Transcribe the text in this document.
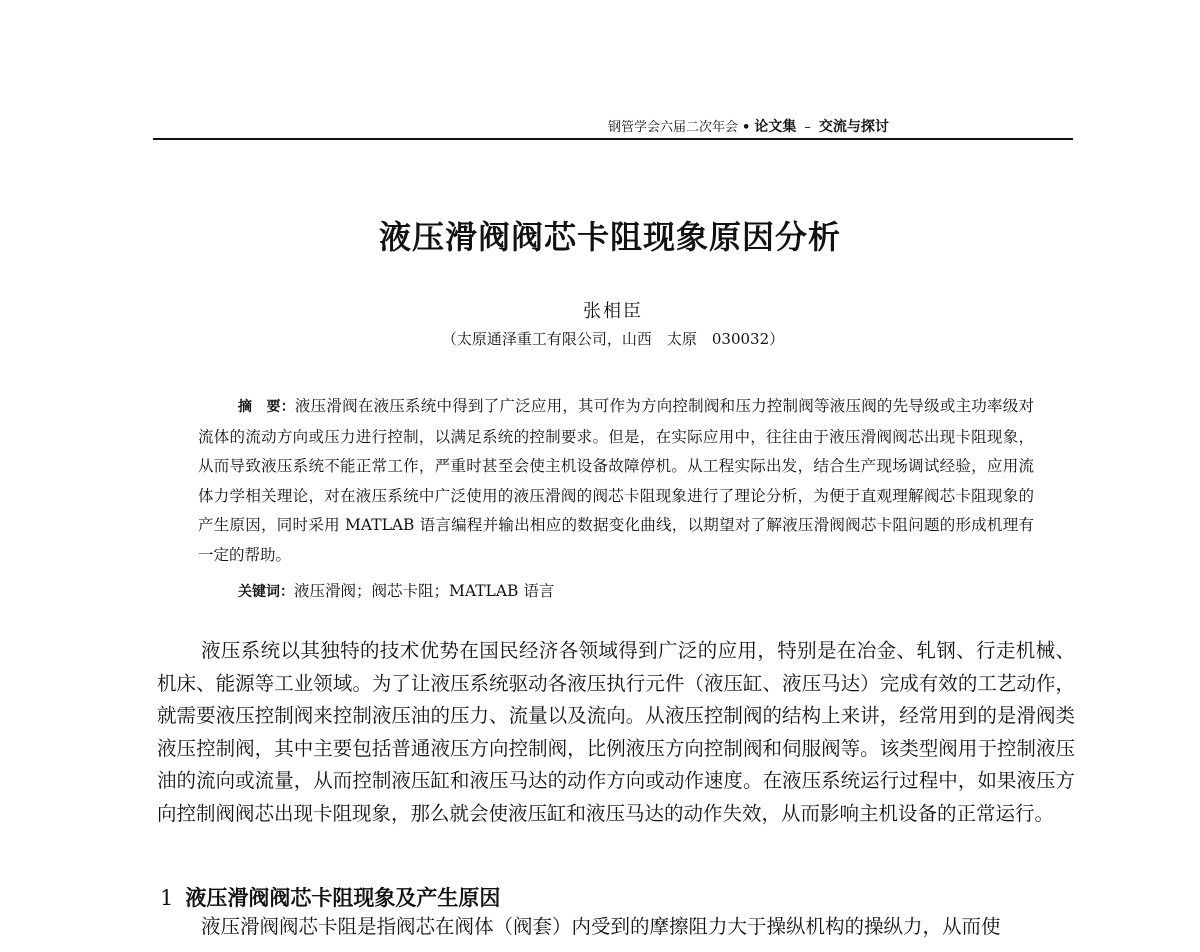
钢管学会六届二次年会 • 论文集 – 交流与探讨
液压滑阀阀芯卡阻现象原因分析
张相臣
（太原通泽重工有限公司，山西　太原　030032）
摘　要：液压滑阀在液压系统中得到了广泛应用，其可作为方向控制阀和压力控制阀等液压阀的先导级或主功率级对流体的流动方向或压力进行控制，以满足系统的控制要求。但是，在实际应用中，往往由于液压滑阀阀芯出现卡阻现象，从而导致液压系统不能正常工作，严重时甚至会使主机设备故障停机。从工程实际出发，结合生产现场调试经验，应用流体力学相关理论，对在液压系统中广泛使用的液压滑阀的阀芯卡阻现象进行了理论分析，为便于直观理解阀芯卡阻现象的产生原因，同时采用 MATLAB 语言编程并输出相应的数据变化曲线，以期望对了解液压滑阀阀芯卡阻问题的形成机理有一定的帮助。
关键词：液压滑阀；阀芯卡阻；MATLAB 语言
液压系统以其独特的技术优势在国民经济各领域得到广泛的应用，特别是在冶金、轧钢、行走机械、机床、能源等工业领域。为了让液压系统驱动各液压执行元件（液压缸、液压马达）完成有效的工艺动作，就需要液压控制阀来控制液压油的压力、流量以及流向。从液压控制阀的结构上来讲，经常用到的是滑阀类液压控制阀，其中主要包括普通液压方向控制阀，比例液压方向控制阀和伺服阀等。该类型阀用于控制液压油的流向或流量，从而控制液压缸和液压马达的动作方向或动作速度。在液压系统运行过程中，如果液压方向控制阀阀芯出现卡阻现象，那么就会使液压缸和液压马达的动作失效，从而影响主机设备的正常运行。
1 液压滑阀阀芯卡阻现象及产生原因
液压滑阀阀芯卡阻是指阀芯在阀体（阀套）内受到的摩擦阻力大于操纵机构的操纵力，从而使
